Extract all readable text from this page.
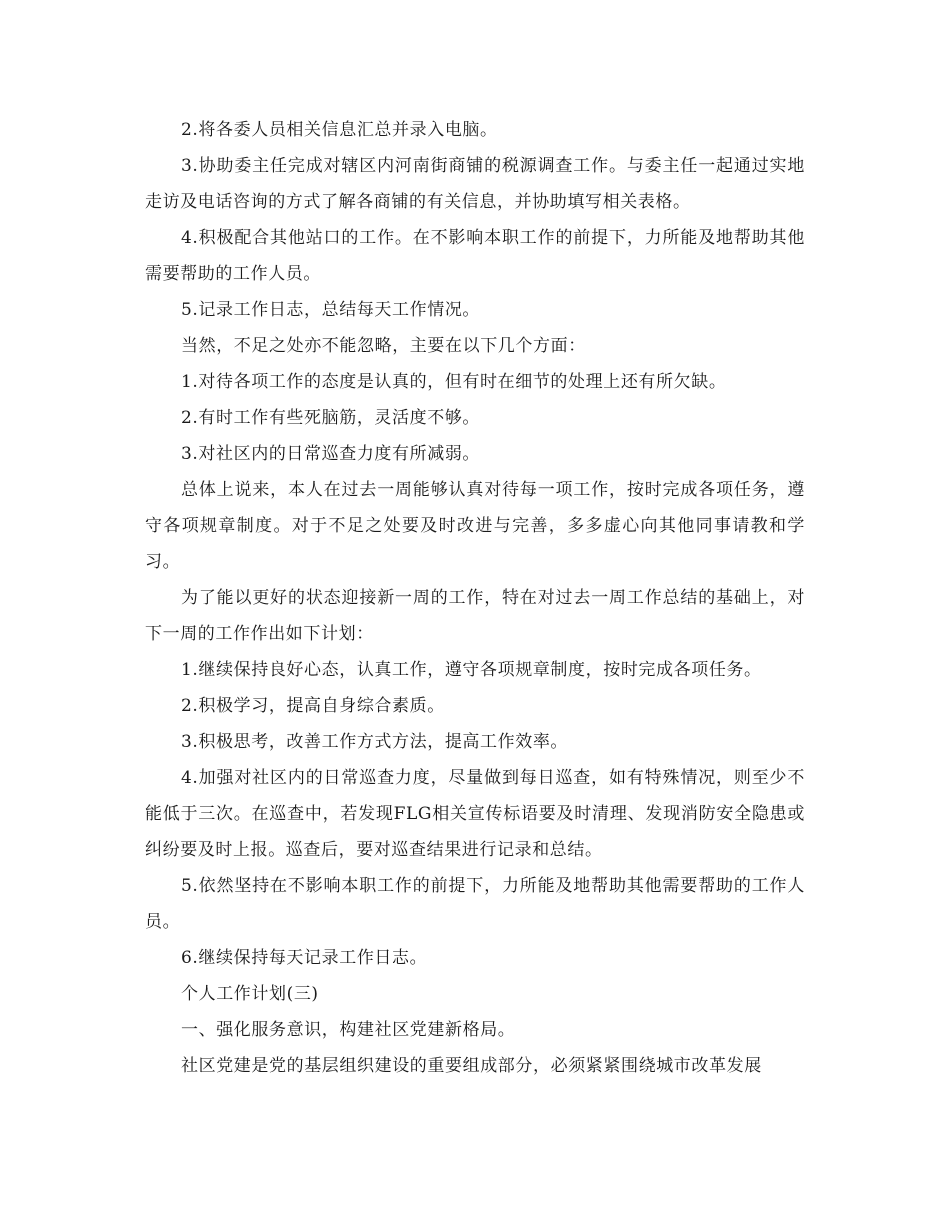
2.将各委人员相关信息汇总并录入电脑。

3.协助委主任完成对辖区内河南街商铺的税源调查工作。与委主任一起通过实地走访及电话咨询的方式了解各商铺的有关信息，并协助填写相关表格。

4.积极配合其他站口的工作。在不影响本职工作的前提下，力所能及地帮助其他需要帮助的工作人员。

5.记录工作日志，总结每天工作情况。

当然，不足之处亦不能忽略，主要在以下几个方面：

1.对待各项工作的态度是认真的，但有时在细节的处理上还有所欠缺。

2.有时工作有些死脑筋，灵活度不够。

3.对社区内的日常巡查力度有所减弱。

总体上说来，本人在过去一周能够认真对待每一项工作，按时完成各项任务，遵守各项规章制度。对于不足之处要及时改进与完善，多多虚心向其他同事请教和学习。

为了能以更好的状态迎接新一周的工作，特在对过去一周工作总结的基础上，对下一周的工作作出如下计划：

1.继续保持良好心态，认真工作，遵守各项规章制度，按时完成各项任务。

2.积极学习，提高自身综合素质。

3.积极思考，改善工作方式方法，提高工作效率。

4.加强对社区内的日常巡查力度，尽量做到每日巡查，如有特殊情况，则至少不能低于三次。在巡查中，若发现FLG相关宣传标语要及时清理、发现消防安全隐患或纠纷要及时上报。巡查后，要对巡查结果进行记录和总结。

5.依然坚持在不影响本职工作的前提下，力所能及地帮助其他需要帮助的工作人员。

6.继续保持每天记录工作日志。

个人工作计划(三)

一、强化服务意识，构建社区党建新格局。

社区党建是党的基层组织建设的重要组成部分，必须紧紧围绕城市改革发展
